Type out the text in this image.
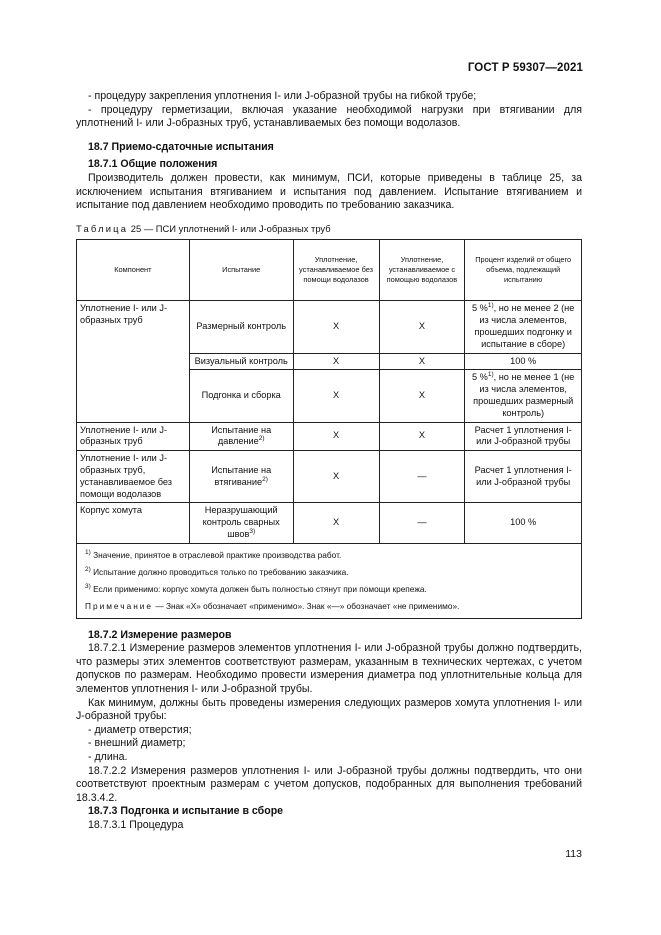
ГОСТ Р 59307—2021

- процедуру закрепления уплотнения I- или J-образной трубы на гибкой трубе;

- процедуру герметизации, включая указание необходимой нагрузки при втягивании для уплотнений I- или J-образных труб, устанавливаемых без помощи водолазов.

18.7 Приемо-сдаточные испытания

18.7.1 Общие положения

Производитель должен провести, как минимум, ПСИ, которые приведены в таблице 25, за исключением испытания втягиванием и испытания под давлением. Испытание втягиванием и испытание под давлением необходимо проводить по требованию заказчика.

Таблица 25 — ПСИ уплотнений I- или J-образных труб

Компонент	Испытание	Уплотнение, устанавливаемое без помощи водолазов	Уплотнение, устанавливаемое с помощью водолазов	Процент изделий от общего объема, подлежащий испытанию
Уплотнение I- или J-образных труб	Размерный контроль	X	X	5 %$^{1)}$, но не менее 2 (не из числа элементов, прошедших подгонку и испытание в сборе)
	Визуальный контроль	X	X	100 %
	Подгонка и сборка	X	X	5 %$^{1)}$, но не менее 1 (не из числа элементов, прошедших размерный контроль)
Уплотнение I- или J-образных труб	Испытание на давление$^{2)}$	X	X	Расчет 1 уплотнения I- или J-образной трубы
Уплотнение I- или J-образных труб, устанавливаемое без помощи водолазов	Испытание на втягивание$^{2)}$	X	—	Расчет 1 уплотнения I- или J-образной трубы
Корпус хомута	Неразрушающий контроль сварных швов$^{3)}$	X	—	100 %

$^{1)}$ Значение, принятое в отраслевой практике производства работ.

$^{2)}$ Испытание должно проводиться только по требованию заказчика.

$^{3)}$ Если применимо: корпус хомута должен быть полностью стянут при помощи крепежа.

Примечание — Знак «X» обозначает «применимо». Знак «—» обозначает «не применимо».				

18.7.2 Измерение размеров

18.7.2.1 Измерение размеров элементов уплотнения I- или J-образной трубы должно подтвердить, что размеры этих элементов соответствуют размерам, указанным в технических чертежах, с учетом допусков по размерам. Необходимо провести измерения диаметра под уплотнительные кольца для элементов уплотнения I- или J-образной трубы.

Как минимум, должны быть проведены измерения следующих размеров хомута уплотнения I- или J-образной трубы:

- диаметр отверстия;

- внешний диаметр;

- длина.

18.7.2.2 Измерения размеров уплотнения I- или J-образной трубы должны подтвердить, что они соответствуют проектным размерам с учетом допусков, подобранных для выполнения требований 18.3.4.2.

18.7.3 Подгонка и испытание в сборе

18.7.3.1 Процедура

113
